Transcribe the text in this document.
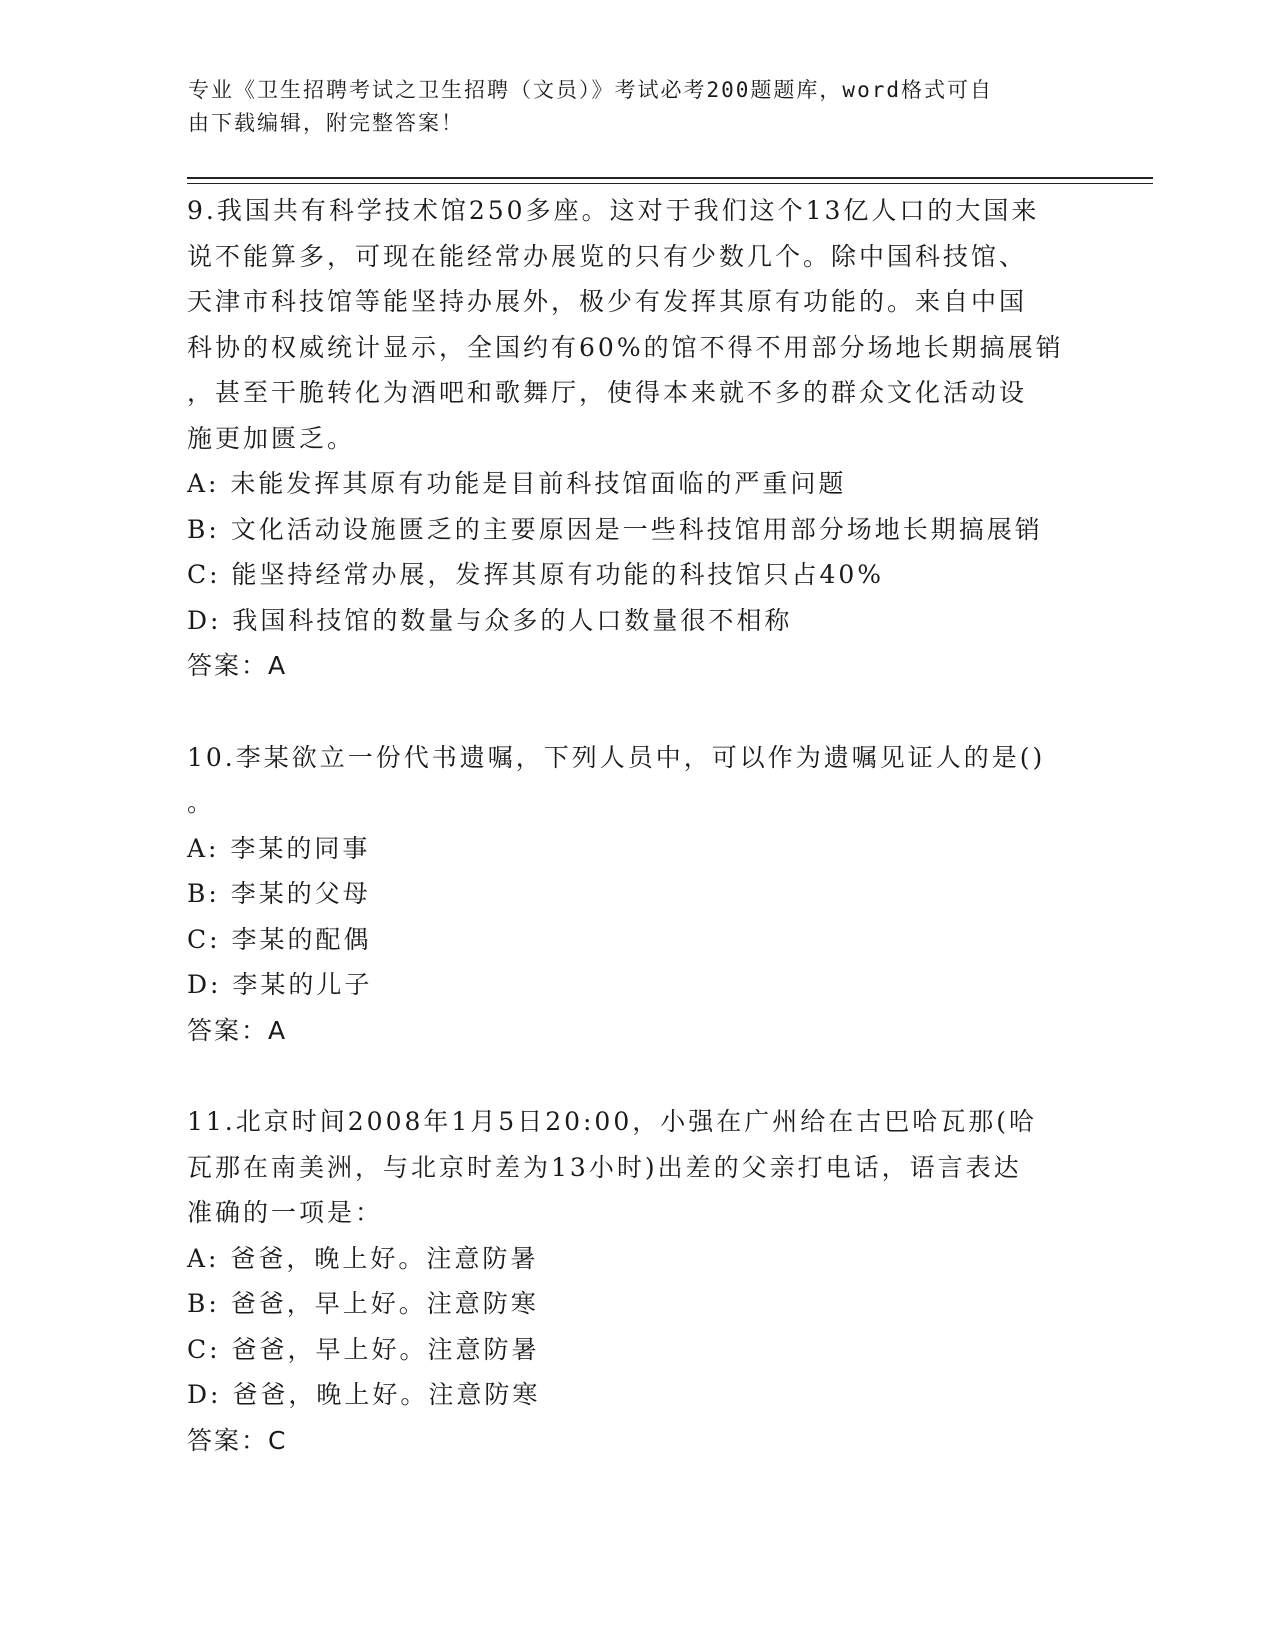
专业《卫生招聘考试之卫生招聘（文员）》考试必考200题题库，word格式可自
由下载编辑，附完整答案！
9.我国共有科学技术馆250多座。这对于我们这个13亿人口的大国来
说不能算多，可现在能经常办展览的只有少数几个。除中国科技馆、
天津市科技馆等能坚持办展外，极少有发挥其原有功能的。来自中国
科协的权威统计显示，全国约有60%的馆不得不用部分场地长期搞展销
，甚至干脆转化为酒吧和歌舞厅，使得本来就不多的群众文化活动设
施更加匮乏。
A: 未能发挥其原有功能是目前科技馆面临的严重问题
B: 文化活动设施匮乏的主要原因是一些科技馆用部分场地长期搞展销
C: 能坚持经常办展，发挥其原有功能的科技馆只占40%
D: 我国科技馆的数量与众多的人口数量很不相称
答案：A
10.李某欲立一份代书遗嘱，下列人员中，可以作为遗嘱见证人的是()
。
A: 李某的同事
B: 李某的父母
C: 李某的配偶
D: 李某的儿子
答案：A
11.北京时间2008年1月5日20:00，小强在广州给在古巴哈瓦那(哈
瓦那在南美洲，与北京时差为13小时)出差的父亲打电话，语言表达
准确的一项是：
A: 爸爸，晚上好。注意防暑
B: 爸爸，早上好。注意防寒
C: 爸爸，早上好。注意防暑
D: 爸爸，晚上好。注意防寒
答案：C
